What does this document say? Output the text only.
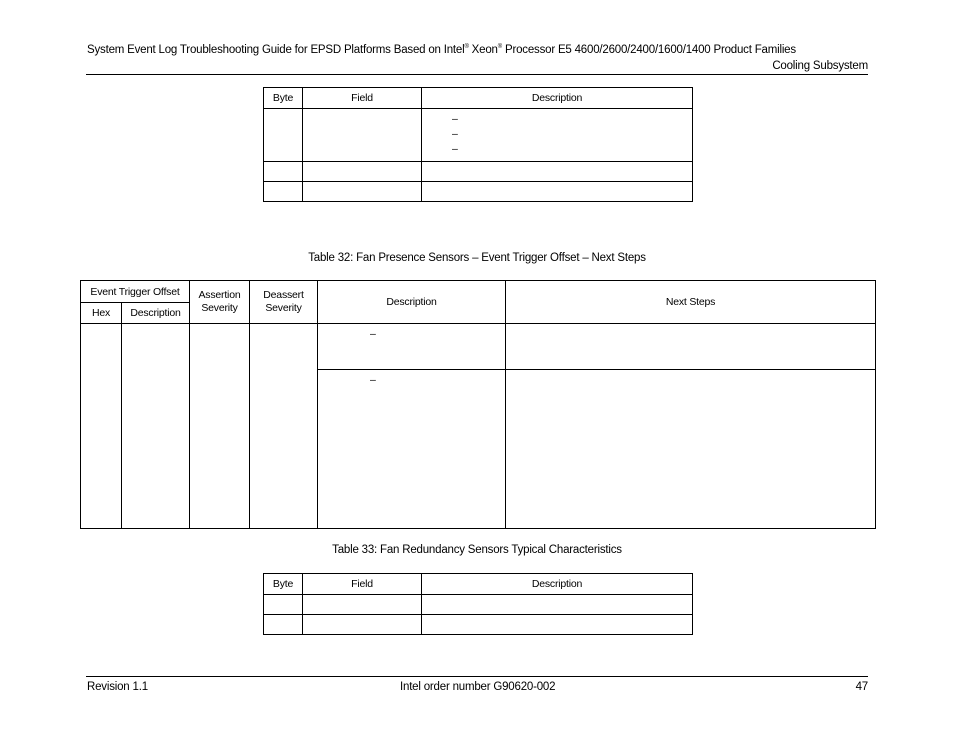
System Event Log Troubleshooting Guide for EPSD Platforms Based on Intel® Xeon® Processor E5 4600/2600/2400/1600/1400 Product Families
Cooling Subsystem
Byte	Field	Description

		–
–
–

Table 32: Fan Presence Sensors – Event Trigger Offset – Next Steps
Event Trigger Offset		Assertion Severity	Deassert Severity	Description	Next Steps
Hex	Description				

				–	

				–	

Table 33: Fan Redundancy Sensors Typical Characteristics
Byte	Field	Description

Revision 1.1	Intel order number G90620-002	47
